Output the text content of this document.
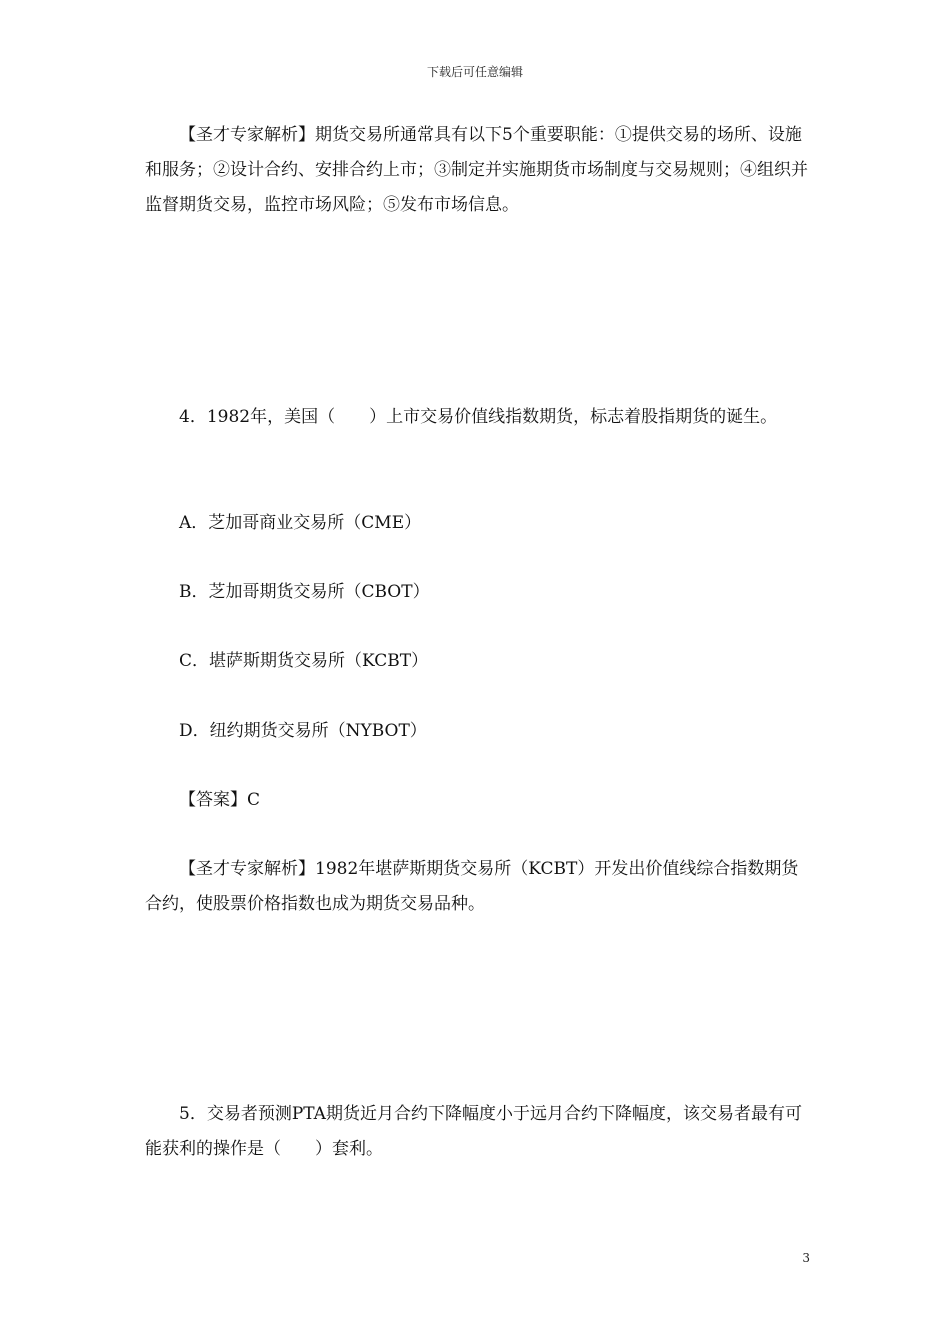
下载后可任意编辑

【圣才专家解析】期货交易所通常具有以下5个重要职能：①提供交易的场所、设施和服务；②设计合约、安排合约上市；③制定并实施期货市场制度与交易规则；④组织并监督期货交易，监控市场风险；⑤发布市场信息。

4．1982年，美国（　　）上市交易价值线指数期货，标志着股指期货的诞生。

A．芝加哥商业交易所（CME）

B．芝加哥期货交易所（CBOT）

C．堪萨斯期货交易所（KCBT）

D．纽约期货交易所（NYBOT）

【答案】C

【圣才专家解析】1982年堪萨斯期货交易所（KCBT）开发出价值线综合指数期货合约，使股票价格指数也成为期货交易品种。

5．交易者预测PTA期货近月合约下降幅度小于远月合约下降幅度，该交易者最有可能获利的操作是（　　）套利。

3
